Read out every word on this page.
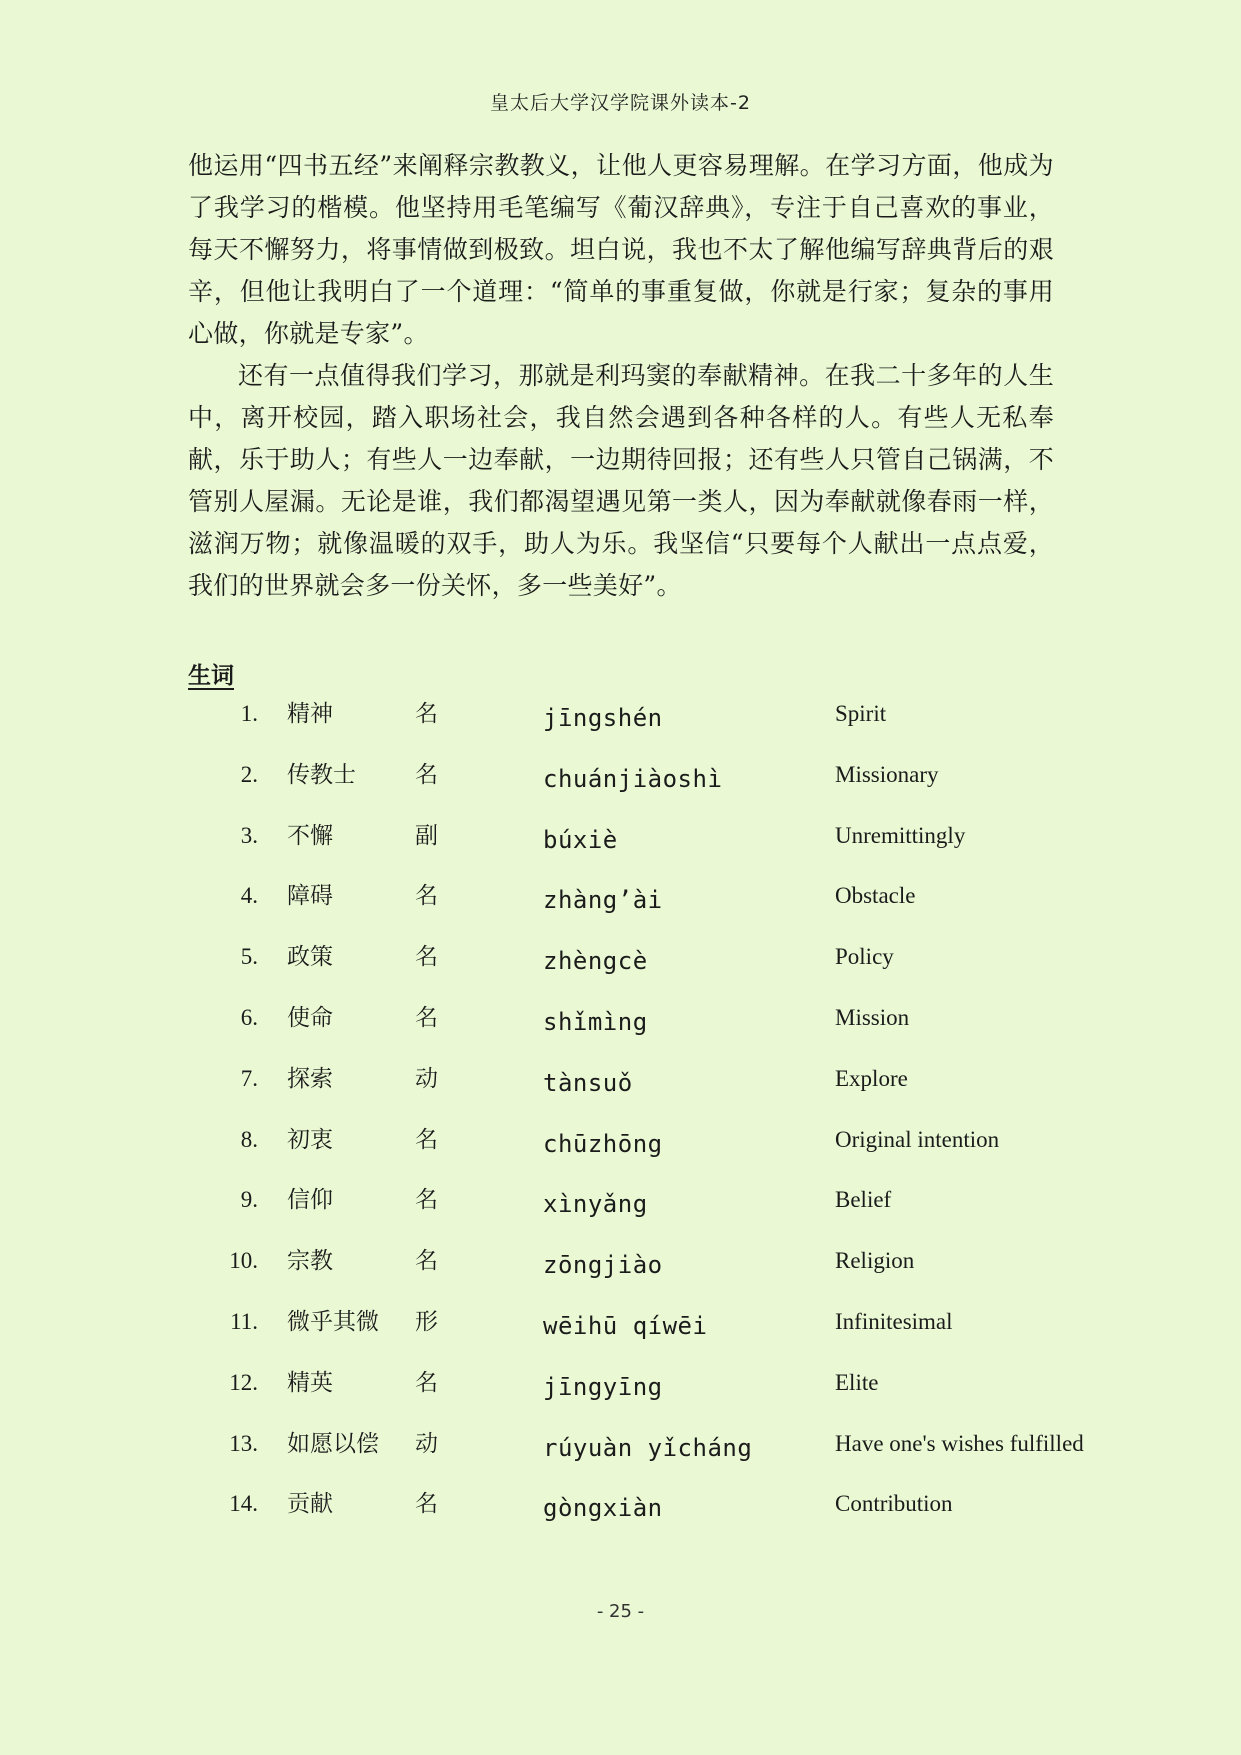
皇太后大学汉学院课外读本-2

他运用“四书五经”来阐释宗教教义，让他人更容易理解。在学习方面，他成为了我学习的楷模。他坚持用毛笔编写《葡汉辞典》，专注于自己喜欢的事业，每天不懈努力，将事情做到极致。坦白说，我也不太了解他编写辞典背后的艰辛，但他让我明白了一个道理：“简单的事重复做，你就是行家；复杂的事用心做，你就是专家”。

还有一点值得我们学习，那就是利玛窦的奉献精神。在我二十多年的人生中，离开校园，踏入职场社会，我自然会遇到各种各样的人。有些人无私奉献，乐于助人；有些人一边奉献，一边期待回报；还有些人只管自己锅满，不管别人屋漏。无论是谁，我们都渴望遇见第一类人，因为奉献就像春雨一样，滋润万物；就像温暖的双手，助人为乐。我坚信“只要每个人献出一点点爱，我们的世界就会多一份关怀，多一些美好”。

生词
1. 精神	名	jīngshén	Spirit
2. 传教士	名	chuánjiàoshì	Missionary
3. 不懈	副	búxiè	Unremittingly
4. 障碍	名	zhàng’ài	Obstacle
5. 政策	名	zhèngcè	Policy
6. 使命	名	shǐmìng	Mission
7. 探索	动	tànsuǒ	Explore
8. 初衷	名	chūzhōng	Original intention
9. 信仰	名	xìnyǎng	Belief
10. 宗教	名	zōngjiào	Religion
11. 微乎其微 形	wēihū qíwēi	Infinitesimal
12. 精英	名	jīngyīng	Elite
13. 如愿以偿 动	rúyuàn yǐcháng	Have one's wishes fulfilled
14. 贡献	名	gòngxiàn	Contribution
- 25 -
